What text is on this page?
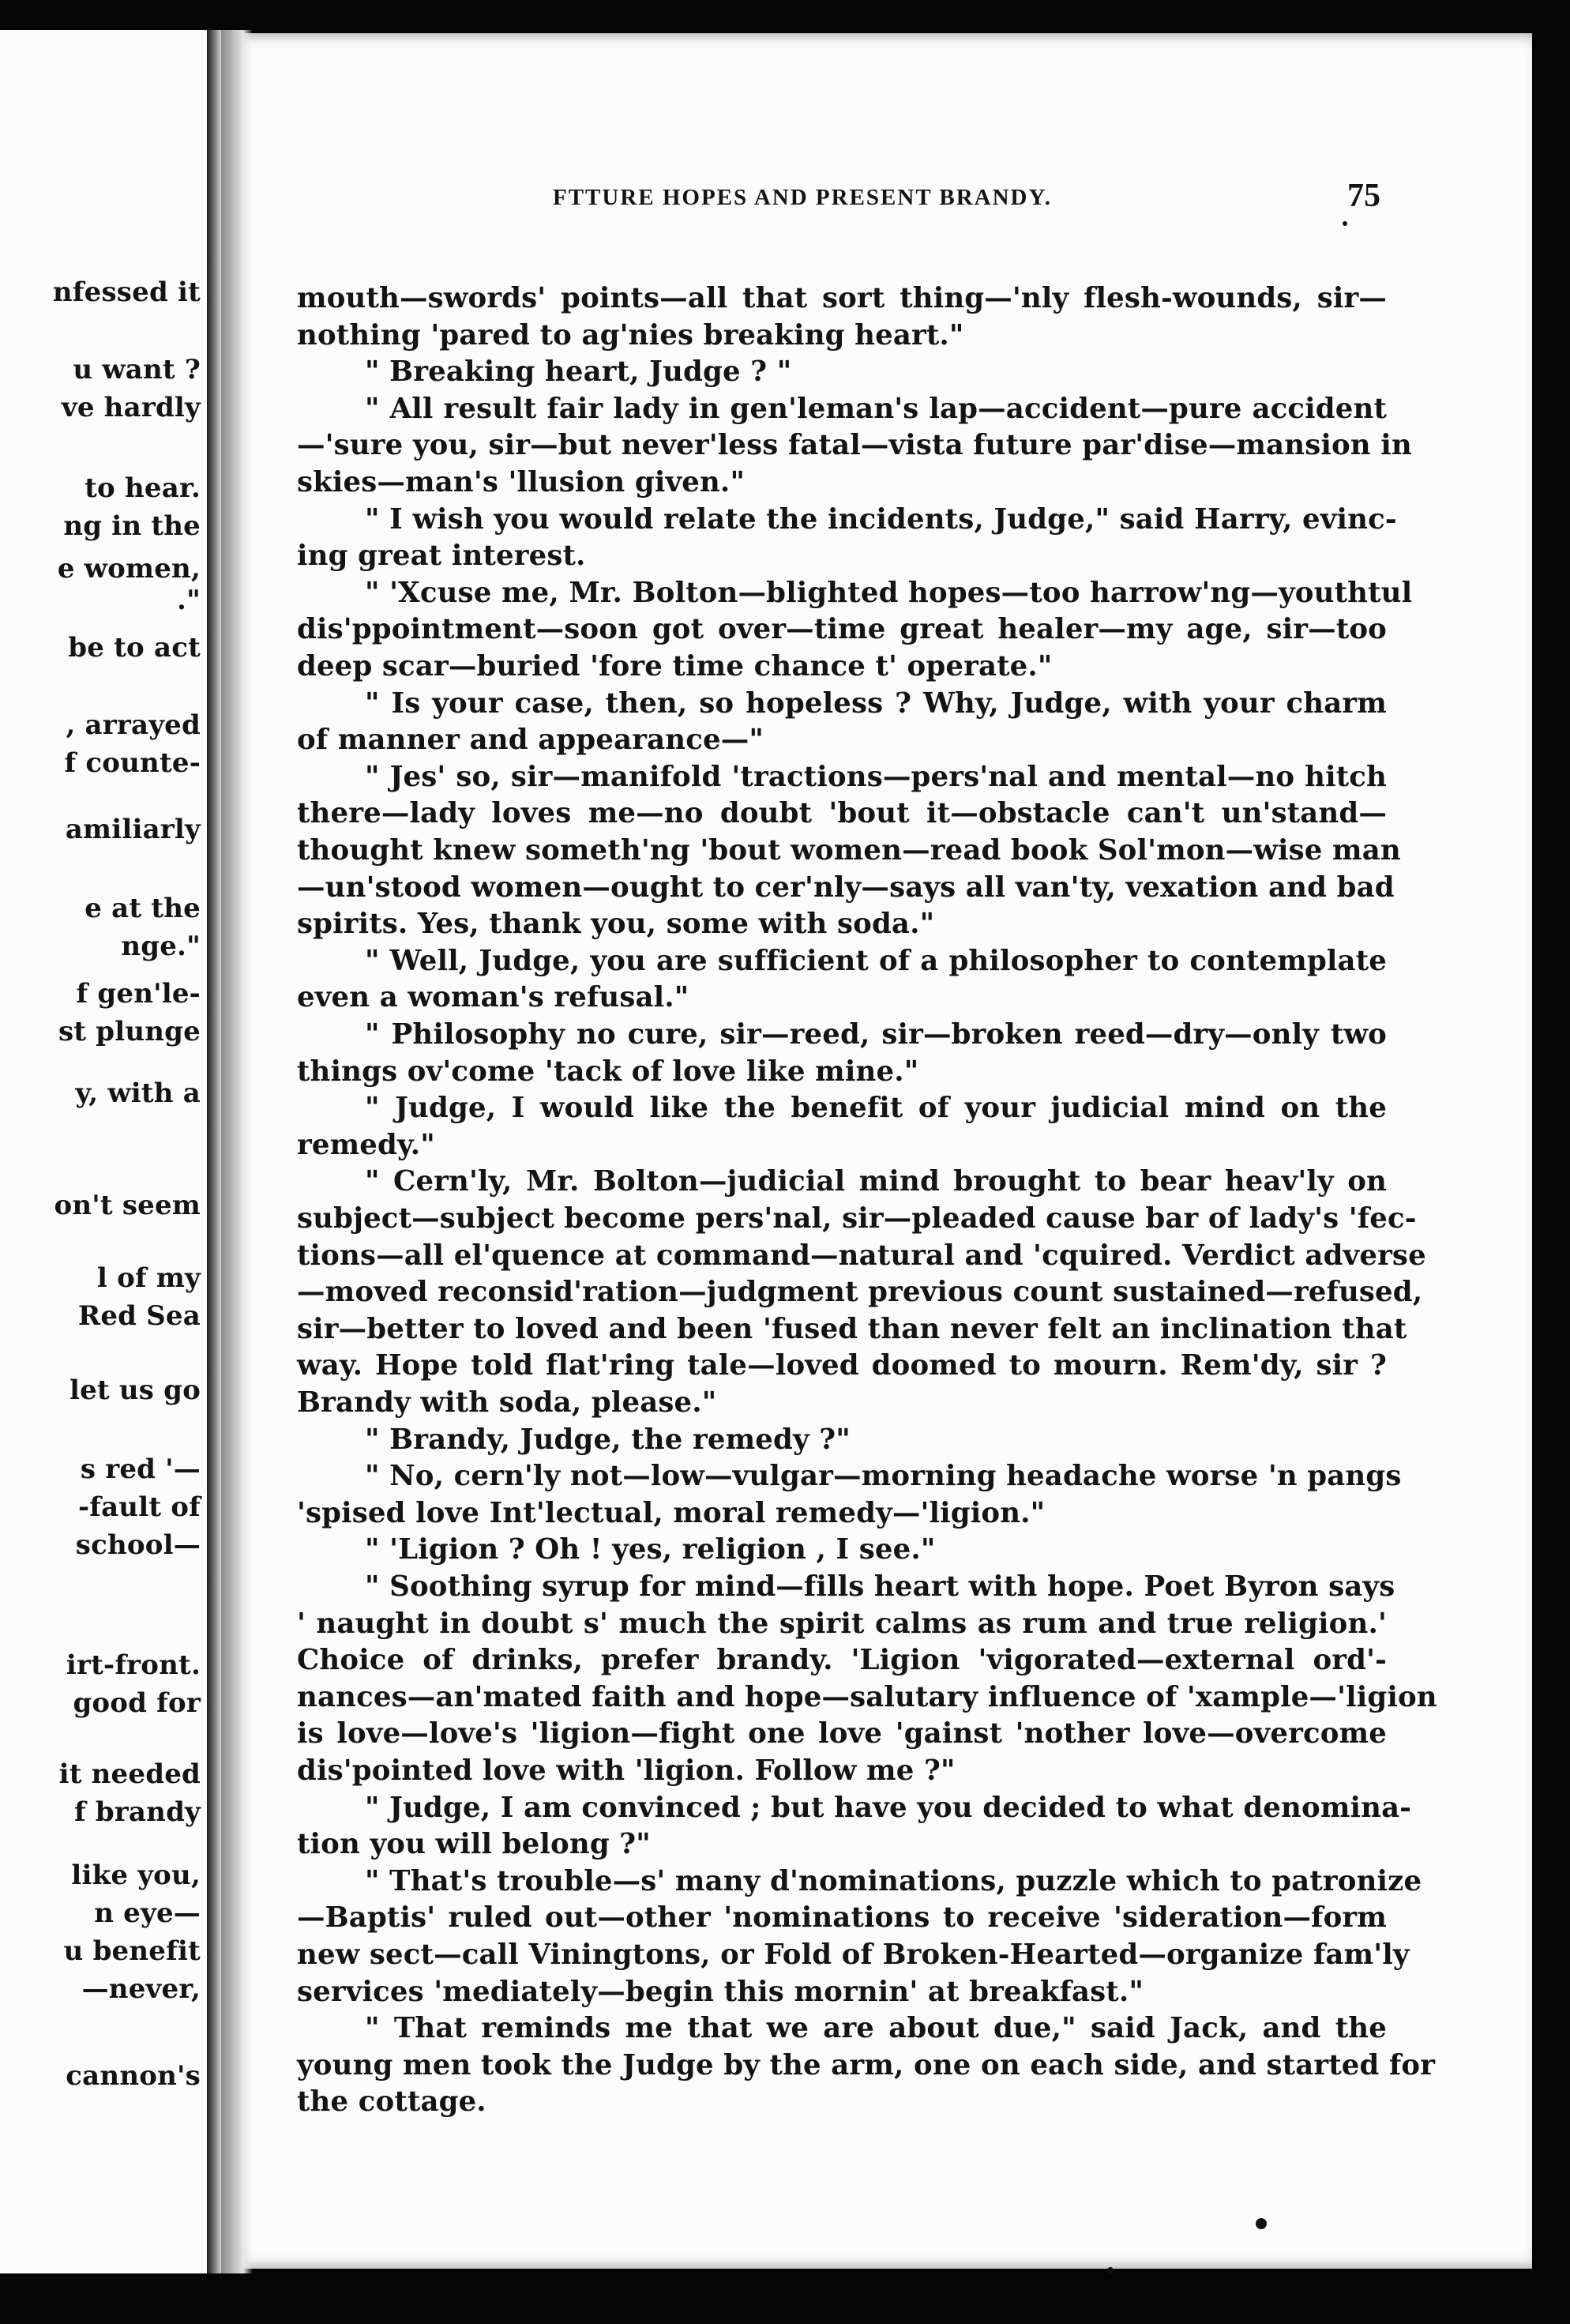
nfessed it
u want ?
ve hardly
to hear.
ng in the
e women,
."
be to act
, arrayed
f counte-
amiliarly
e at the
nge."
f gen'le-
st plunge
y, with a
on't seem
l of my
Red Sea
let us go
s red '—
-fault of
school—
irt-front.
good for
it needed
f brandy
like you,
n eye—
u benefit
—never,
cannon's
FTTURE HOPES AND PRESENT BRANDY.	75
mouth—swords' points—all that sort thing—'nly flesh-wounds, sir—
nothing 'pared to ag'nies breaking heart."
" Breaking heart, Judge ? "
" All result fair lady in gen'leman's lap—accident—pure accident
—'sure you, sir—but never'less fatal—vista future par'dise—mansion in
skies—man's 'llusion given."
" I wish you would relate the incidents, Judge," said Harry, evinc-
ing great interest.
" 'Xcuse me, Mr. Bolton—blighted hopes—too harrow'ng—youthtul
dis'ppointment—soon got over—time great healer—my age, sir—too
deep scar—buried 'fore time chance t' operate."
" Is your case, then, so hopeless ? Why, Judge, with your charm
of manner and appearance—"
" Jes' so, sir—manifold 'tractions—pers'nal and mental—no hitch
there—lady loves me—no doubt 'bout it—obstacle can't un'stand—
thought knew someth'ng 'bout women—read book Sol'mon—wise man
—un'stood women—ought to cer'nly—says all van'ty, vexation and bad
spirits. Yes, thank you, some with soda."
" Well, Judge, you are sufficient of a philosopher to contemplate
even a woman's refusal."
" Philosophy no cure, sir—reed, sir—broken reed—dry—only two
things ov'come 'tack of love like mine."
" Judge, I would like the benefit of your judicial mind on the
remedy."
" Cern'ly, Mr. Bolton—judicial mind brought to bear heav'ly on
subject—subject become pers'nal, sir—pleaded cause bar of lady's 'fec-
tions—all el'quence at command—natural and 'cquired. Verdict adverse
—moved reconsid'ration—judgment previous count sustained—refused,
sir—better to loved and been 'fused than never felt an inclination that
way. Hope told flat'ring tale—loved doomed to mourn. Rem'dy, sir ?
Brandy with soda, please."
" Brandy, Judge, the remedy ?"
" No, cern'ly not—low—vulgar—morning headache worse 'n pangs
'spised love Int'lectual, moral remedy—'ligion."
" 'Ligion ? Oh ! yes, religion , I see."
" Soothing syrup for mind—fills heart with hope. Poet Byron says
' naught in doubt s' much the spirit calms as rum and true religion.'
Choice of drinks, prefer brandy. 'Ligion 'vigorated—external ord'-
nances—an'mated faith and hope—salutary influence of 'xample—'ligion
is love—love's 'ligion—fight one love 'gainst 'nother love—overcome
dis'pointed love with 'ligion. Follow me ?"
" Judge, I am convinced ; but have you decided to what denomina-
tion you will belong ?"
" That's trouble—s' many d'nominations, puzzle which to patronize
—Baptis' ruled out—other 'nominations to receive 'sideration—form
new sect—call Viningtons, or Fold of Broken-Hearted—organize fam'ly
services 'mediately—begin this mornin' at breakfast."
" That reminds me that we are about due," said Jack, and the
young men took the Judge by the arm, one on each side, and started for
the cottage.
